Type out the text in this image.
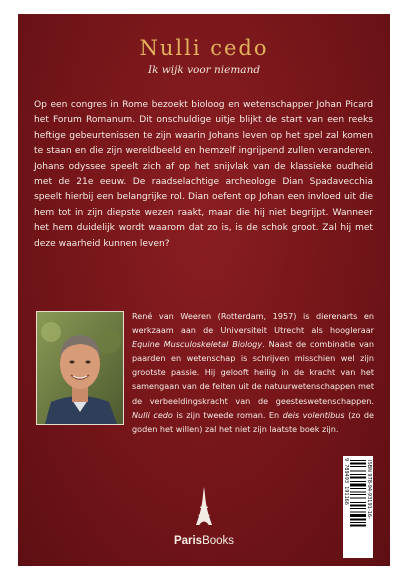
Nulli cedo
Ik wijk voor niemand

Op een congres in Rome bezoekt bioloog en wetenschapper Johan Picard het Forum Romanum. Dit onschuldige uitje blijkt de start van een reeks heftige gebeurtenissen te zijn waarin Johans leven op het spel zal komen te staan en die zijn wereldbeeld en hemzelf ingrijpend zullen veranderen. Johans odyssee speelt zich af op het snijvlak van de klassieke oudheid met de 21e eeuw. De raadselachtige archeologe Dian Spadavecchia speelt hierbij een belangrijke rol. Dian oefent op Johan een invloed uit die hem tot in zijn diepste wezen raakt, maar die hij niet begrijpt. Wanneer het hem duidelijk wordt waarom dat zo is, is de schok groot. Zal hij met deze waarheid kunnen leven?

René van Weeren (Rotterdam, 1957) is dierenarts en werkzaam aan de Universiteit Utrecht als hoogleraar Equine Musculoskeletal Biology. Naast de combinatie van paarden en wetenschap is schrijven misschien wel zijn grootste passie. Hij gelooft heilig in de kracht van het samengaan van de feiten uit de natuurwetenschappen met de verbeeldingskracht van de geesteswetenschappen. Nulli cedo is zijn tweede roman. En deis volentibus (zo de goden het willen) zal het niet zijn laatste boek zijn.

ParisBooks
ISBN 978-94-93191-16-
9 789493 191166
